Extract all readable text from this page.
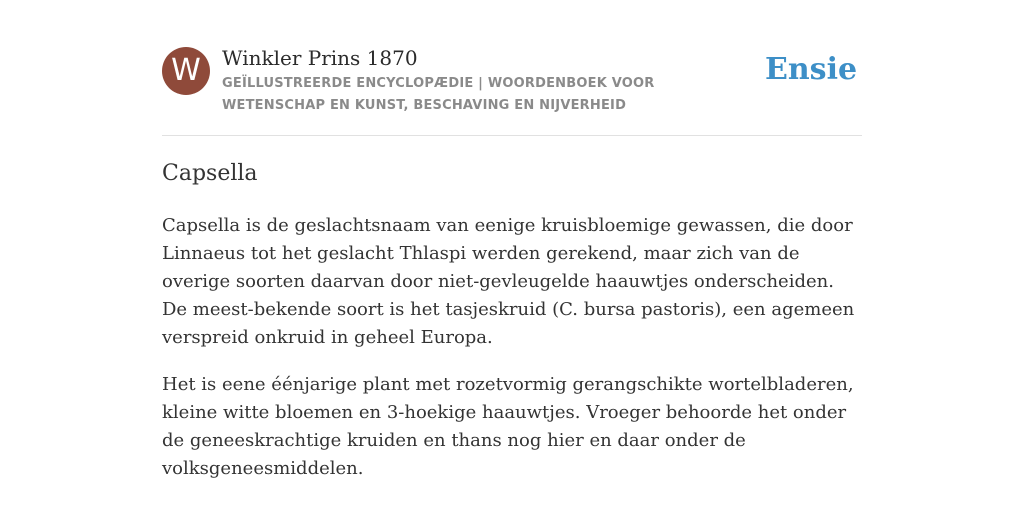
W	Winkler Prins 1870
GEÏLLUSTREERDE ENCYCLOPÆDIE | WOORDENBOEK VOOR WETENSCHAP EN KUNST, BESCHAVING EN NIJVERHEID
Ensie
Capsella

Capsella is de geslachtsnaam van eenige kruisbloemige gewassen, die door Linnaeus tot het geslacht Thlaspi werden gerekend, maar zich van de overige soorten daarvan door niet-gevleugelde haauwtjes onderscheiden. De meest-bekende soort is het tasjeskruid (C. bursa pastoris), een agemeen verspreid onkruid in geheel Europa.

Het is eene éénjarige plant met rozetvormig gerangschikte wortelbladeren, kleine witte bloemen en 3-hoekige haauwtjes. Vroeger behoorde het onder de geneeskrachtige kruiden en thans nog hier en daar onder de volksgeneesmiddelen.
